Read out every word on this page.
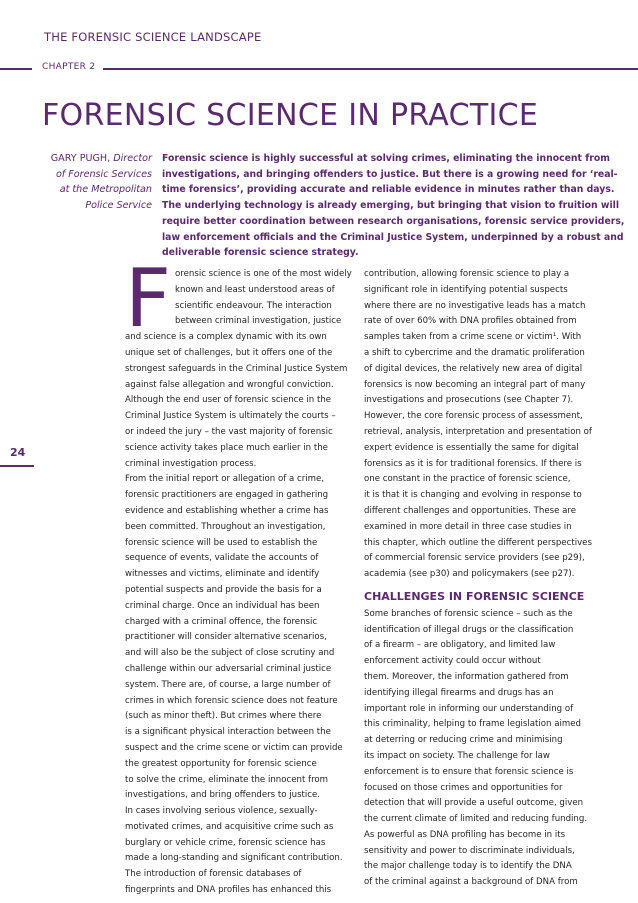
THE FORENSIC SCIENCE LANDSCAPE
CHAPTER 2
FORENSIC SCIENCE IN PRACTICE
GARY PUGH, Director
of Forensic Services
at the Metropolitan
Police Service
Forensic science is highly successful at solving crimes, eliminating the innocent from
investigations, and bringing offenders to justice. But there is a growing need for ‘real-
time forensics’, providing accurate and reliable evidence in minutes rather than days.
The underlying technology is already emerging, but bringing that vision to fruition will
require better coordination between research organisations, forensic service providers,
law enforcement officials and the Criminal Justice System, underpinned by a robust and
deliverable forensic science strategy.
24
F orensic science is one of the most widely
known and least understood areas of
scientific endeavour. The interaction
between criminal investigation, justice
and science is a complex dynamic with its own
unique set of challenges, but it offers one of the
strongest safeguards in the Criminal Justice System
against false allegation and wrongful conviction.
Although the end user of forensic science in the
Criminal Justice System is ultimately the courts –
or indeed the jury – the vast majority of forensic
science activity takes place much earlier in the
criminal investigation process.
From the initial report or allegation of a crime,
forensic practitioners are engaged in gathering
evidence and establishing whether a crime has
been committed. Throughout an investigation,
forensic science will be used to establish the
sequence of events, validate the accounts of
witnesses and victims, eliminate and identify
potential suspects and provide the basis for a
criminal charge. Once an individual has been
charged with a criminal offence, the forensic
practitioner will consider alternative scenarios,
and will also be the subject of close scrutiny and
challenge within our adversarial criminal justice
system. There are, of course, a large number of
crimes in which forensic science does not feature
(such as minor theft). But crimes where there
is a significant physical interaction between the
suspect and the crime scene or victim can provide
the greatest opportunity for forensic science
to solve the crime, eliminate the innocent from
investigations, and bring offenders to justice.
In cases involving serious violence, sexually-
motivated crimes, and acquisitive crime such as
burglary or vehicle crime, forensic science has
made a long-standing and significant contribution.
The introduction of forensic databases of
fingerprints and DNA profiles has enhanced this
contribution, allowing forensic science to play a
significant role in identifying potential suspects
where there are no investigative leads has a match
rate of over 60% with DNA profiles obtained from
samples taken from a crime scene or victim¹. With
a shift to cybercrime and the dramatic proliferation
of digital devices, the relatively new area of digital
forensics is now becoming an integral part of many
investigations and prosecutions (see Chapter 7).
However, the core forensic process of assessment,
retrieval, analysis, interpretation and presentation of
expert evidence is essentially the same for digital
forensics as it is for traditional forensics. If there is
one constant in the practice of forensic science,
it is that it is changing and evolving in response to
different challenges and opportunities. These are
examined in more detail in three case studies in
this chapter, which outline the different perspectives
of commercial forensic service providers (see p29),
academia (see p30) and policymakers (see p27).
CHALLENGES IN FORENSIC SCIENCE
Some branches of forensic science – such as the
identification of illegal drugs or the classification
of a firearm – are obligatory, and limited law
enforcement activity could occur without
them. Moreover, the information gathered from
identifying illegal firearms and drugs has an
important role in informing our understanding of
this criminality, helping to frame legislation aimed
at deterring or reducing crime and minimising
its impact on society. The challenge for law
enforcement is to ensure that forensic science is
focused on those crimes and opportunities for
detection that will provide a useful outcome, given
the current climate of limited and reducing funding.
As powerful as DNA profiling has become in its
sensitivity and power to discriminate individuals,
the major challenge today is to identify the DNA
of the criminal against a background of DNA from
